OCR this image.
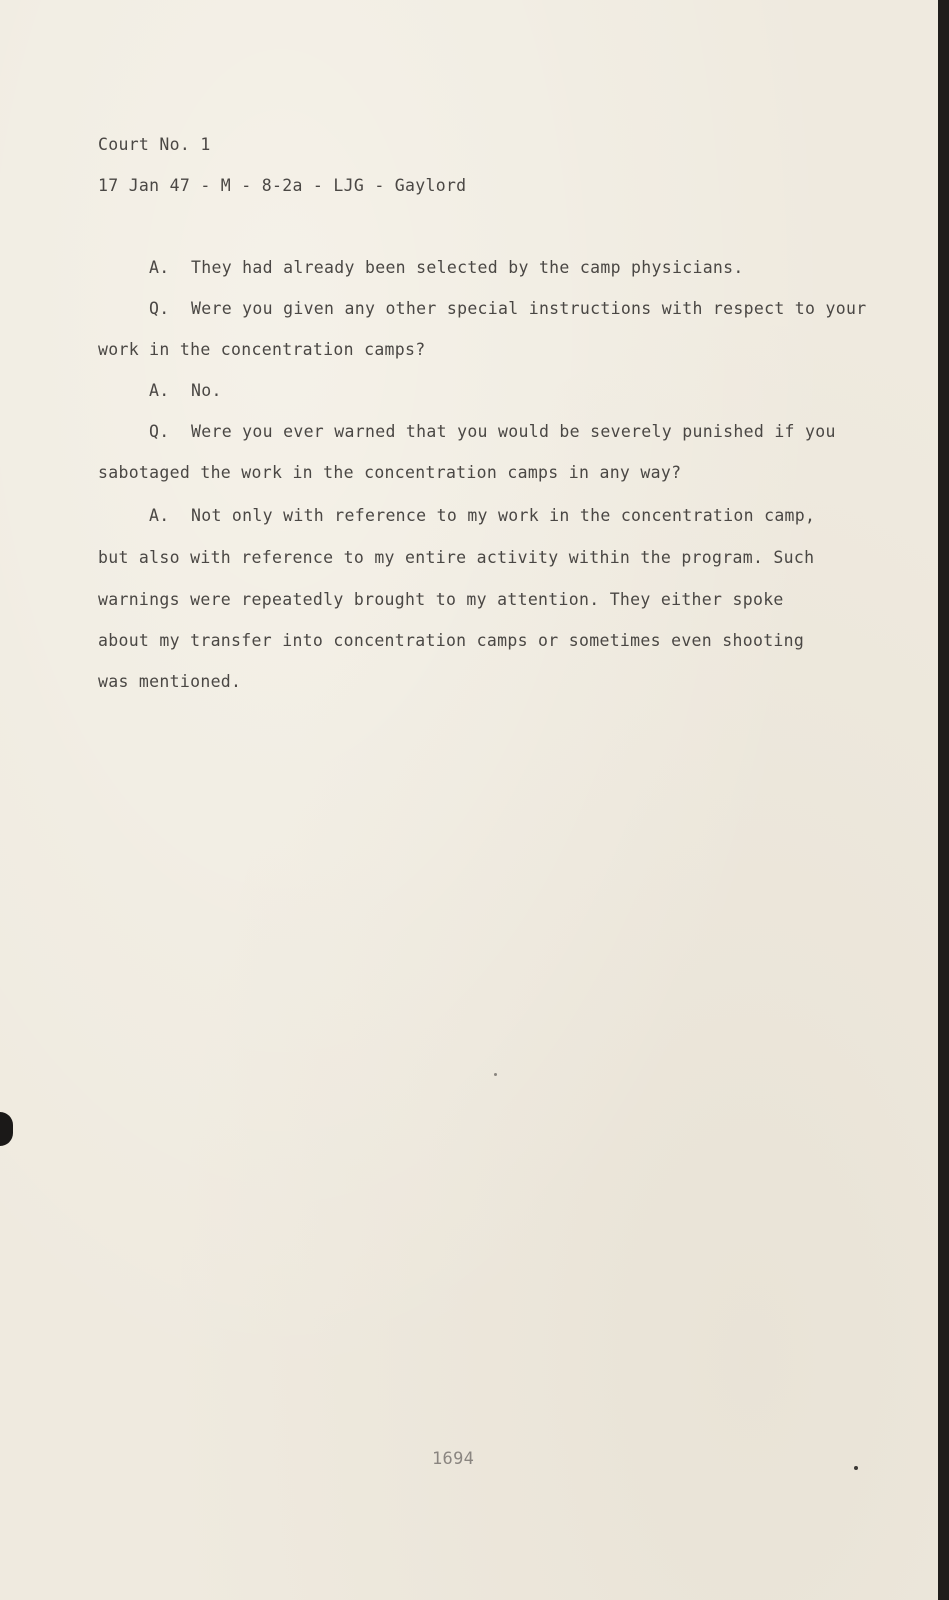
Court No. 1
17 Jan 47 - M - 8-2a - LJG - Gaylord
A. They had already been selected by the camp physicians.
Q. Were you given any other special instructions with respect to your
work in the concentration camps?
A. No.
Q. Were you ever warned that you would be severely punished if you
sabotaged the work in the concentration camps in any way?
A. Not only with reference to my work in the concentration camp,
but also with reference to my entire activity within the program. Such
warnings were repeatedly brought to my attention. They either spoke
about my transfer into concentration camps or sometimes even shooting
was mentioned.
1694
